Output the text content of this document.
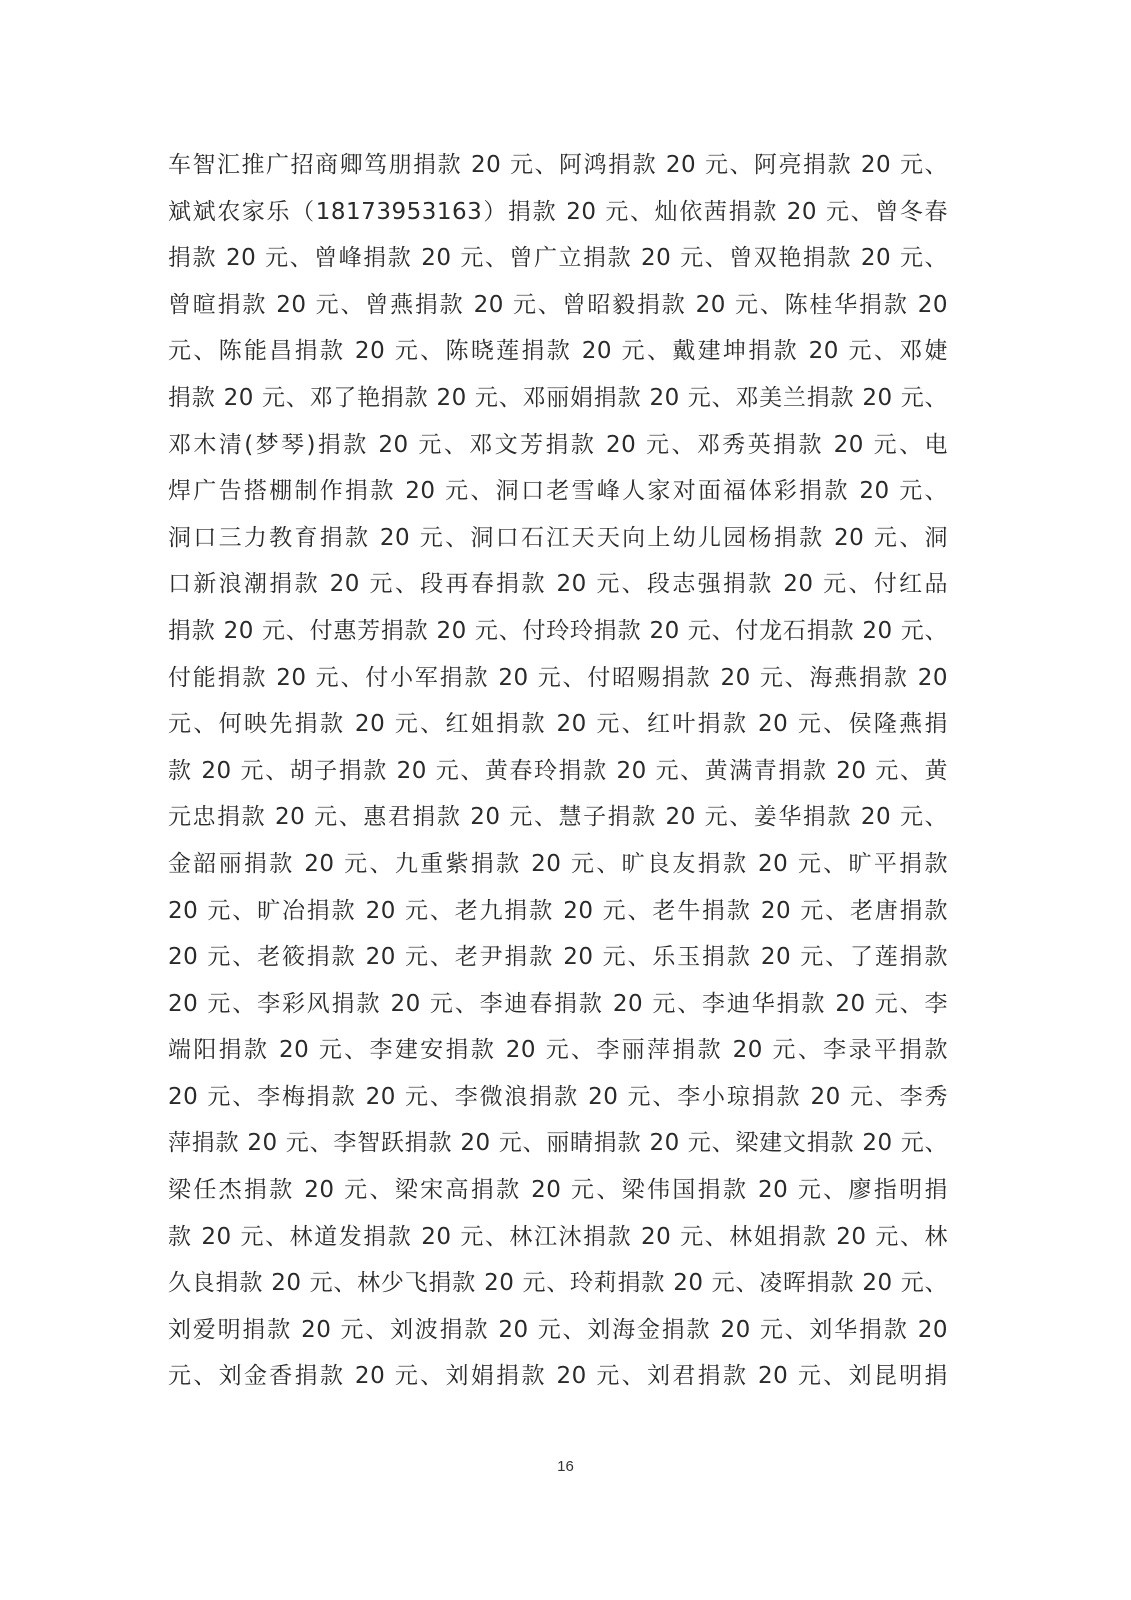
车智汇推广招商卿笃朋捐款 20 元、阿鸿捐款 20 元、阿亮捐款 20 元、
斌斌农家乐（18173953163）捐款 20 元、灿依茜捐款 20 元、曾冬春
捐款 20 元、曾峰捐款 20 元、曾广立捐款 20 元、曾双艳捐款 20 元、
曾暄捐款 20 元、曾燕捐款 20 元、曾昭毅捐款 20 元、陈桂华捐款 20
元、陈能昌捐款 20 元、陈晓莲捐款 20 元、戴建坤捐款 20 元、邓婕
捐款 20 元、邓了艳捐款 20 元、邓丽娟捐款 20 元、邓美兰捐款 20 元、
邓木清(梦琴)捐款 20 元、邓文芳捐款 20 元、邓秀英捐款 20 元、电
焊广告搭棚制作捐款 20 元、洞口老雪峰人家对面福体彩捐款 20 元、
洞口三力教育捐款 20 元、洞口石江天天向上幼儿园杨捐款 20 元、洞
口新浪潮捐款 20 元、段再春捐款 20 元、段志强捐款 20 元、付红品
捐款 20 元、付惠芳捐款 20 元、付玲玲捐款 20 元、付龙石捐款 20 元、
付能捐款 20 元、付小军捐款 20 元、付昭赐捐款 20 元、海燕捐款 20
元、何映先捐款 20 元、红姐捐款 20 元、红叶捐款 20 元、侯隆燕捐
款 20 元、胡子捐款 20 元、黄春玲捐款 20 元、黄满青捐款 20 元、黄
元忠捐款 20 元、惠君捐款 20 元、慧子捐款 20 元、姜华捐款 20 元、
金韶丽捐款 20 元、九重紫捐款 20 元、旷良友捐款 20 元、旷平捐款
20 元、旷冶捐款 20 元、老九捐款 20 元、老牛捐款 20 元、老唐捐款
20 元、老筱捐款 20 元、老尹捐款 20 元、乐玉捐款 20 元、了莲捐款
20 元、李彩风捐款 20 元、李迪春捐款 20 元、李迪华捐款 20 元、李
端阳捐款 20 元、李建安捐款 20 元、李丽萍捐款 20 元、李录平捐款
20 元、李梅捐款 20 元、李微浪捐款 20 元、李小琼捐款 20 元、李秀
萍捐款 20 元、李智跃捐款 20 元、丽睛捐款 20 元、梁建文捐款 20 元、
梁任杰捐款 20 元、梁宋高捐款 20 元、梁伟国捐款 20 元、廖指明捐
款 20 元、林道发捐款 20 元、林江沐捐款 20 元、林姐捐款 20 元、林
久良捐款 20 元、林少飞捐款 20 元、玲莉捐款 20 元、凌晖捐款 20 元、
刘爱明捐款 20 元、刘波捐款 20 元、刘海金捐款 20 元、刘华捐款 20
元、刘金香捐款 20 元、刘娟捐款 20 元、刘君捐款 20 元、刘昆明捐
16
